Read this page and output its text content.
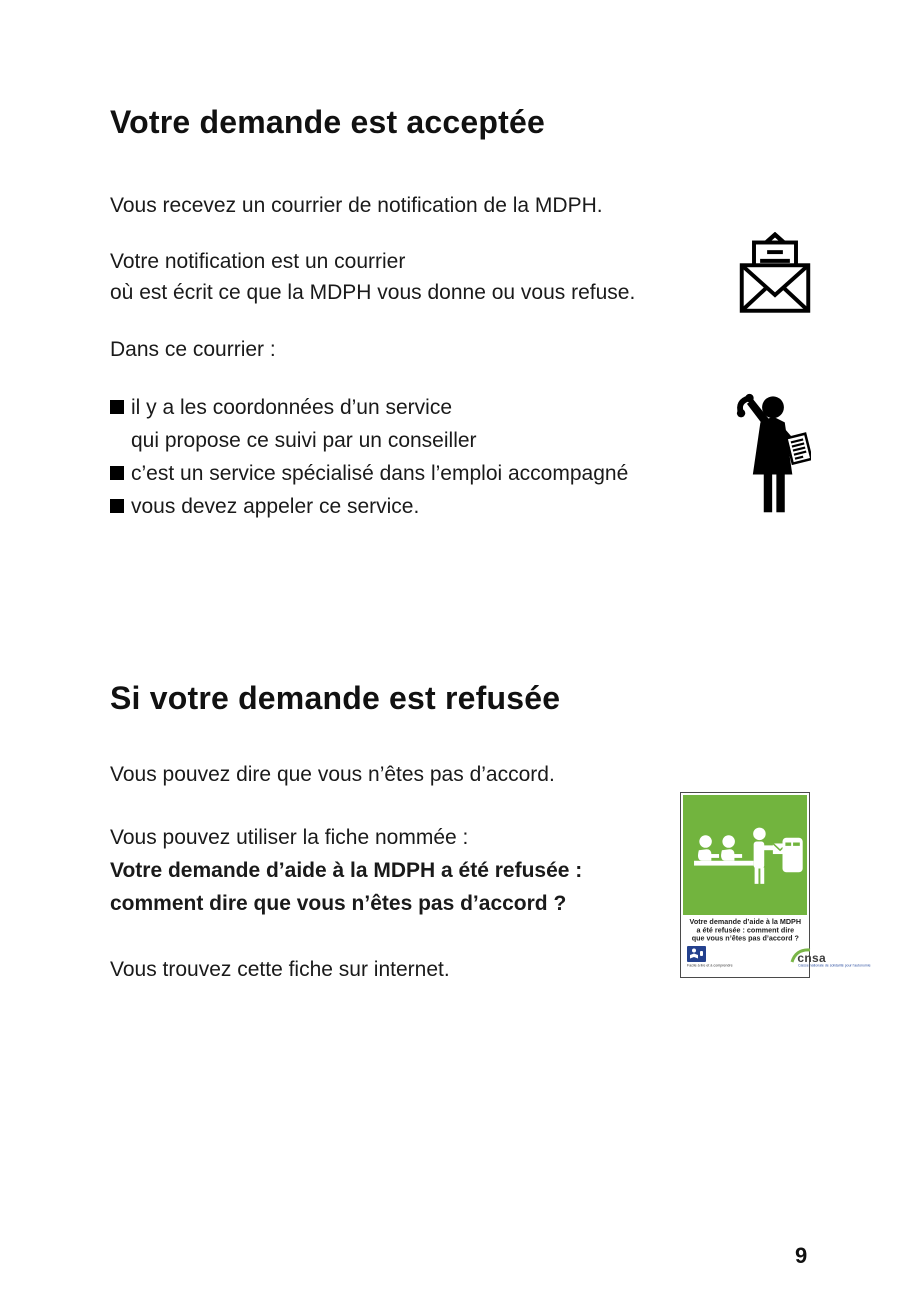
Votre demande est acceptée
Vous recevez un courrier de notification de la MDPH.
Votre notification est un courrier
où est écrit ce que la MDPH vous donne ou vous refuse.
Dans ce courrier :
il y a les coordonnées d’un service
qui propose ce suivi par un conseiller
c’est un service spécialisé dans l’emploi accompagné
vous devez appeler ce service.
Si votre demande est refusée
Vous pouvez dire que vous n’êtes pas d’accord.
Vous pouvez utiliser la fiche nommée :
Votre demande d’aide à la MDPH a été refusée :
comment dire que vous n’êtes pas d’accord ?
Vous trouvez cette fiche sur internet.
Votre demande d’aide à la MDPH
a été refusée : comment dire
que vous n’êtes pas d’accord ?
Facile à lire et à comprendre
cnsa
Caisse nationale de solidarité pour l’autonomie
9
